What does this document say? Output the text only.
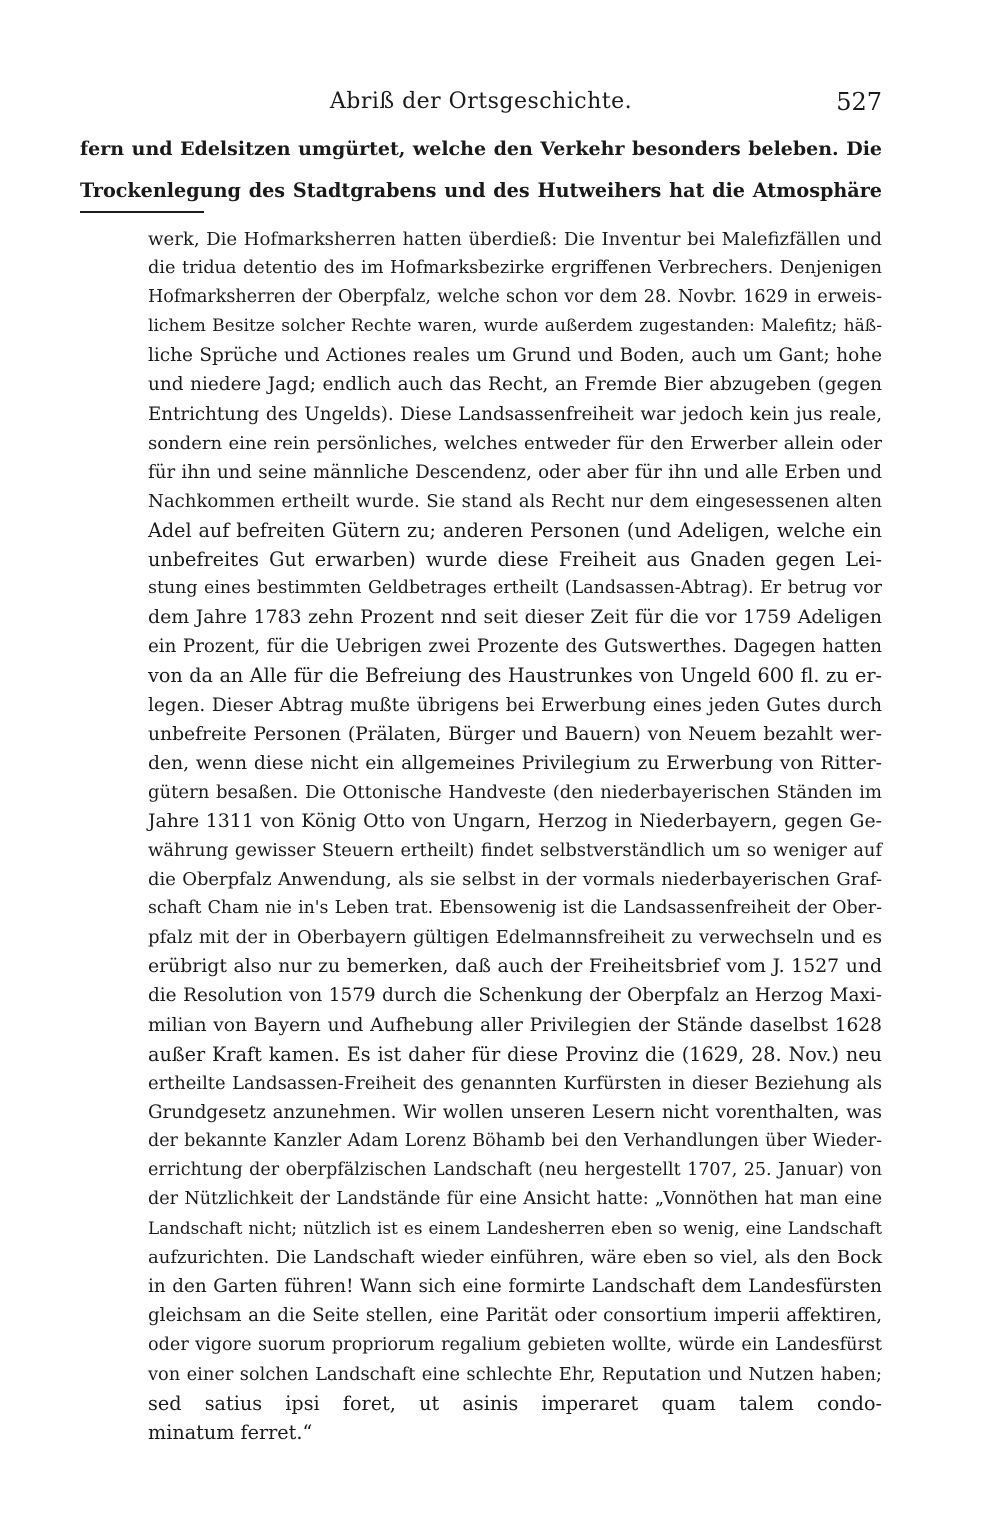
Abriß der Ortsgeschichte.	527
fern und Edelsitzen umgürtet, welche den Verkehr besonders beleben. Die
Trockenlegung des Stadtgrabens und des Hutweihers hat die Atmosphäre
werk, Die Hofmarksherren hatten überdieß: Die Inventur bei Malefizfällen und
die tridua detentio des im Hofmarksbezirke ergriffenen Verbrechers. Denjenigen
Hofmarksherren der Oberpfalz, welche schon vor dem 28. Novbr. 1629 in erweis-
lichem Besitze solcher Rechte waren, wurde außerdem zugestanden: Malefitz; häß-
liche Sprüche und Actiones reales um Grund und Boden, auch um Gant; hohe
und niedere Jagd; endlich auch das Recht, an Fremde Bier abzugeben (gegen
Entrichtung des Ungelds). Diese Landsassenfreiheit war jedoch kein jus reale,
sondern eine rein persönliches, welches entweder für den Erwerber allein oder
für ihn und seine männliche Descendenz, oder aber für ihn und alle Erben und
Nachkommen ertheilt wurde. Sie stand als Recht nur dem eingesessenen alten
Adel auf befreiten Gütern zu; anderen Personen (und Adeligen, welche ein
unbefreites Gut erwarben) wurde diese Freiheit aus Gnaden gegen Lei-
stung eines bestimmten Geldbetrages ertheilt (Landsassen-Abtrag). Er betrug vor
dem Jahre 1783 zehn Prozent nnd seit dieser Zeit für die vor 1759 Adeligen
ein Prozent, für die Uebrigen zwei Prozente des Gutswerthes. Dagegen hatten
von da an Alle für die Befreiung des Haustrunkes von Ungeld 600 fl. zu er-
legen. Dieser Abtrag mußte übrigens bei Erwerbung eines jeden Gutes durch
unbefreite Personen (Prälaten, Bürger und Bauern) von Neuem bezahlt wer-
den, wenn diese nicht ein allgemeines Privilegium zu Erwerbung von Ritter-
gütern besaßen. Die Ottonische Handveste (den niederbayerischen Ständen im
Jahre 1311 von König Otto von Ungarn, Herzog in Niederbayern, gegen Ge-
währung gewisser Steuern ertheilt) findet selbstverständlich um so weniger auf
die Oberpfalz Anwendung, als sie selbst in der vormals niederbayerischen Graf-
schaft Cham nie in's Leben trat. Ebensowenig ist die Landsassenfreiheit der Ober-
pfalz mit der in Oberbayern gültigen Edelmannsfreiheit zu verwechseln und es
erübrigt also nur zu bemerken, daß auch der Freiheitsbrief vom J. 1527 und
die Resolution von 1579 durch die Schenkung der Oberpfalz an Herzog Maxi-
milian von Bayern und Aufhebung aller Privilegien der Stände daselbst 1628
außer Kraft kamen. Es ist daher für diese Provinz die (1629, 28. Nov.) neu
ertheilte Landsassen-Freiheit des genannten Kurfürsten in dieser Beziehung als
Grundgesetz anzunehmen. Wir wollen unseren Lesern nicht vorenthalten, was
der bekannte Kanzler Adam Lorenz Böhamb bei den Verhandlungen über Wieder-
errichtung der oberpfälzischen Landschaft (neu hergestellt 1707, 25. Januar) von
der Nützlichkeit der Landstände für eine Ansicht hatte: „Vonnöthen hat man eine
Landschaft nicht; nützlich ist es einem Landesherren eben so wenig, eine Landschaft
aufzurichten. Die Landschaft wieder einführen, wäre eben so viel, als den Bock
in den Garten führen! Wann sich eine formirte Landschaft dem Landesfürsten
gleichsam an die Seite stellen, eine Parität oder consortium imperii affektiren,
oder vigore suorum propriorum regalium gebieten wollte, würde ein Landesfürst
von einer solchen Landschaft eine schlechte Ehr, Reputation und Nutzen haben;
sed satius ipsi foret, ut asinis imperaret quam talem condo-
minatum ferret.“
